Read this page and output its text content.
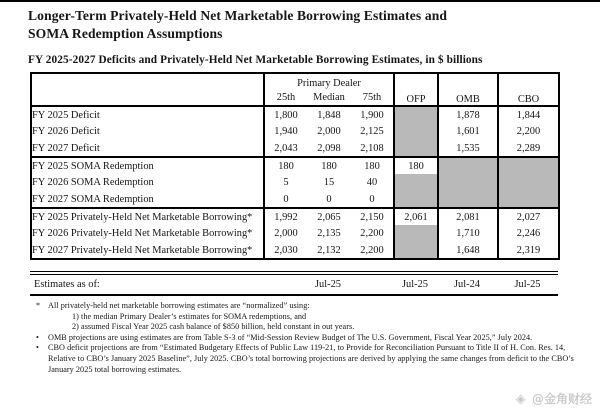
Longer-Term Privately-Held Net Marketable Borrowing Estimates and
SOMA Redemption Assumptions
FY 2025-2027 Deficits and Privately-Held Net Marketable Borrowing Estimates, in $ billions
	Primary Dealer			OFP	OMB	CBO
	25th	Median	75th			
FY 2025 Deficit	1,800	1,848	1,900		1,878	1,844
FY 2026 Deficit	1,940	2,000	2,125		1,601	2,200
FY 2027 Deficit	2,043	2,098	2,108		1,535	2,289
FY 2025 SOMA Redemption	180	180	180	180		
FY 2026 SOMA Redemption	5	15	40			
FY 2027 SOMA Redemption	0	0	0			
FY 2025 Privately-Held Net Marketable Borrowing*	1,992	2,065	2,150	2,061	2,081	2,027
FY 2026 Privately-Held Net Marketable Borrowing*	2,000	2,135	2,200		1,710	2,246
FY 2027 Privately-Held Net Marketable Borrowing*	2,030	2,132	2,200		1,648	2,319
Estimates as of:		Jul-25		Jul-25	Jul-24	Jul-25
* All privately-held net marketable borrowing estimates are “normalized” using:
1) the median Primary Dealer’s estimates for SOMA redemptions, and
2) assumed Fiscal Year 2025 cash balance of $850 billion, held constant in out years.
• OMB projections are using estimates are from Table S-3 of “Mid-Session Review Budget of The U.S. Government, Fiscal Year 2025,” July 2024.
• CBO deficit projections are from “Estimated Budgetary Effects of Public Law 119-21, to Provide for Reconciliation Pursuant to Title II of H. Con. Res. 14, Relative to CBO’s January 2025 Baseline”, July 2025. CBO’s total borrowing projections are derived by applying the same changes from deficit to the CBO’s January 2025 total borrowing estimates.
◈ @金角财经
